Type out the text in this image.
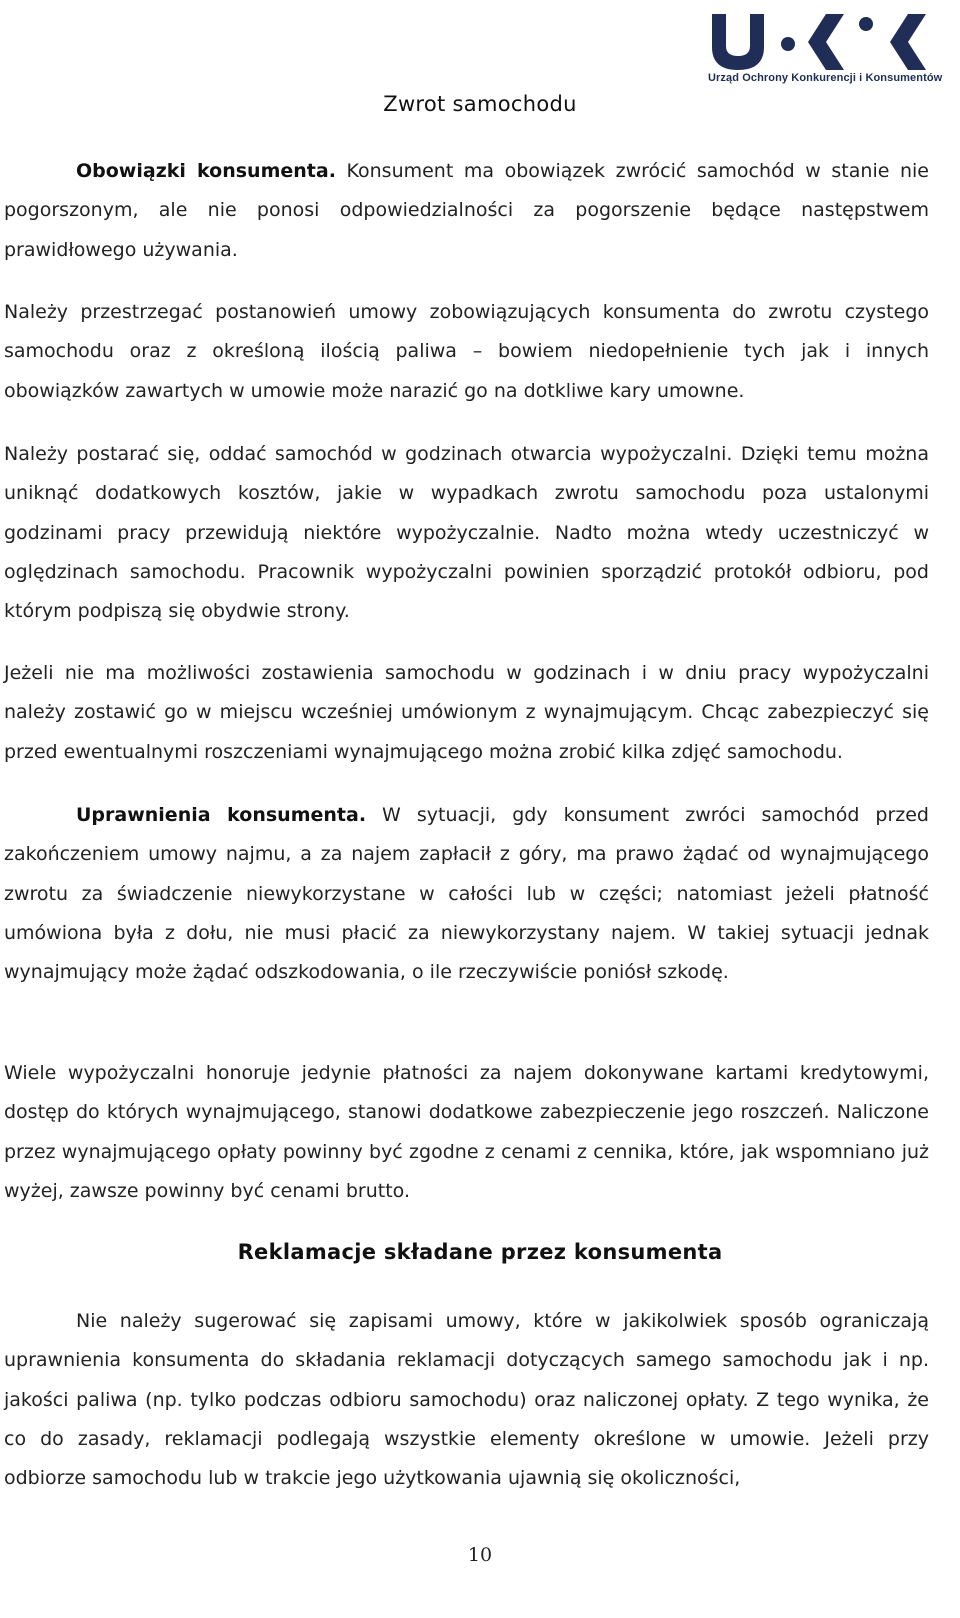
Urząd Ochrony Konkurencji i Konsumentów
Zwrot samochodu
Obowiązki konsumenta. Konsument ma obowiązek zwrócić samochód w stanie nie pogorszonym, ale nie ponosi odpowiedzialności za pogorszenie będące następstwem prawidłowego używania.
Należy przestrzegać postanowień umowy zobowiązujących konsumenta do zwrotu czystego samochodu oraz z określoną ilością paliwa – bowiem niedopełnienie tych jak i innych obowiązków zawartych w umowie może narazić go na dotkliwe kary umowne.
Należy postarać się, oddać samochód w godzinach otwarcia wypożyczalni. Dzięki temu można uniknąć dodatkowych kosztów, jakie w wypadkach zwrotu samochodu poza ustalonymi godzinami pracy przewidują niektóre wypożyczalnie. Nadto można wtedy uczestniczyć w oględzinach samochodu. Pracownik wypożyczalni powinien sporządzić protokół odbioru, pod którym podpiszą się obydwie strony.
Jeżeli nie ma możliwości zostawienia samochodu w godzinach i w dniu pracy wypożyczalni należy zostawić go w miejscu wcześniej umówionym z wynajmującym. Chcąc zabezpieczyć się przed ewentualnymi roszczeniami wynajmującego można zrobić kilka zdjęć samochodu.
Uprawnienia konsumenta. W sytuacji, gdy konsument zwróci samochód przed zakończeniem umowy najmu, a za najem zapłacił z góry, ma prawo żądać od wynajmującego zwrotu za świadczenie niewykorzystane w całości lub w części; natomiast jeżeli płatność umówiona była z dołu, nie musi płacić za niewykorzystany najem. W takiej sytuacji jednak wynajmujący może żądać odszkodowania, o ile rzeczywiście poniósł szkodę.
Wiele wypożyczalni honoruje jedynie płatności za najem dokonywane kartami kredytowymi, dostęp do których wynajmującego, stanowi dodatkowe zabezpieczenie jego roszczeń. Naliczone przez wynajmującego opłaty powinny być zgodne z cenami z cennika, które, jak wspomniano już wyżej, zawsze powinny być cenami brutto.
Reklamacje składane przez konsumenta
Nie należy sugerować się zapisami umowy, które w jakikolwiek sposób ograniczają uprawnienia konsumenta do składania reklamacji dotyczących samego samochodu jak i np. jakości paliwa (np. tylko podczas odbioru samochodu) oraz naliczonej opłaty. Z tego wynika, że co do zasady, reklamacji podlegają wszystkie elementy określone w umowie. Jeżeli przy odbiorze samochodu lub w trakcie jego użytkowania ujawnią się okoliczności,
10
